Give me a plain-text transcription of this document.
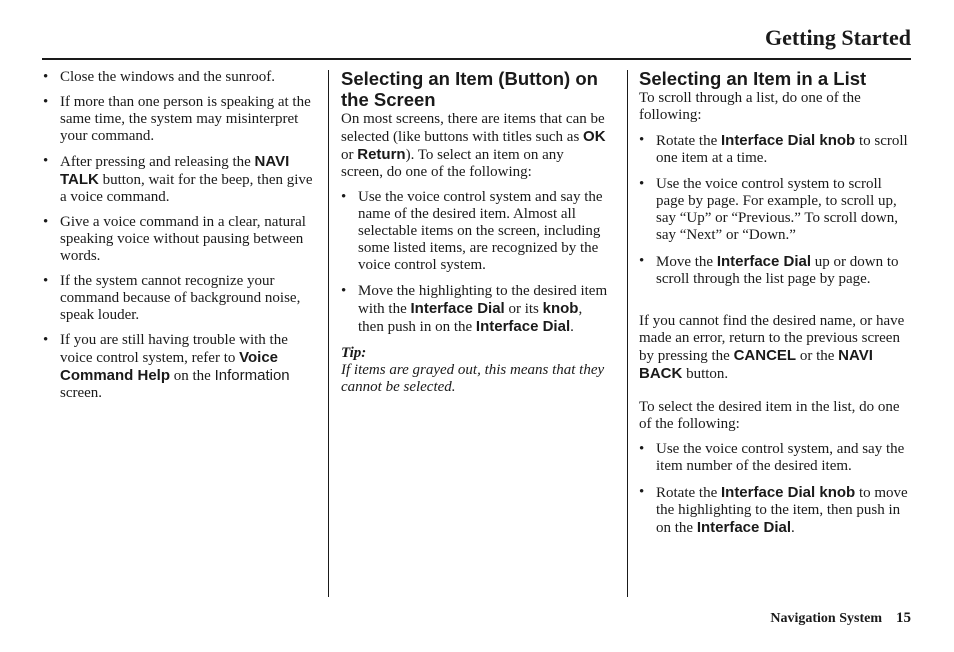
Getting Started
• Close the windows and the sunroof.
• If more than one person is speaking at the same time, the system may misinterpret your command.
• After pressing and releasing the NAVI TALK button, wait for the beep, then give a voice command.
• Give a voice command in a clear, natural speaking voice without pausing between words.
• If the system cannot recognize your command because of background noise, speak louder.
• If you are still having trouble with the voice control system, refer to Voice Command Help on the Information screen.
Selecting an Item (Button) on the Screen

On most screens, there are items that can be selected (like buttons with titles such as OK or Return). To select an item on any screen, do one of the following:

• Use the voice control system and say the name of the desired item. Almost all selectable items on the screen, including some listed items, are recognized by the voice control system.
• Move the highlighting to the desired item with the Interface Dial or its knob, then push in on the Interface Dial.

Tip:

If items are grayed out, this means that they cannot be selected.

Selecting an Item in a List

To scroll through a list, do one of the following:

• Rotate the Interface Dial knob to scroll one item at a time.
• Use the voice control system to scroll page by page. For example, to scroll up, say “Up” or “Previous.” To scroll down, say “Next” or “Down.”
• Move the Interface Dial up or down to scroll through the list page by page.

If you cannot find the desired name, or have made an error, return to the previous screen by pressing the CANCEL or the NAVI BACK button.

To select the desired item in the list, do one of the following:

• Use the voice control system, and say the item number of the desired item.
• Rotate the Interface Dial knob to move the highlighting to the item, then push in on the Interface Dial.
Navigation System 15
